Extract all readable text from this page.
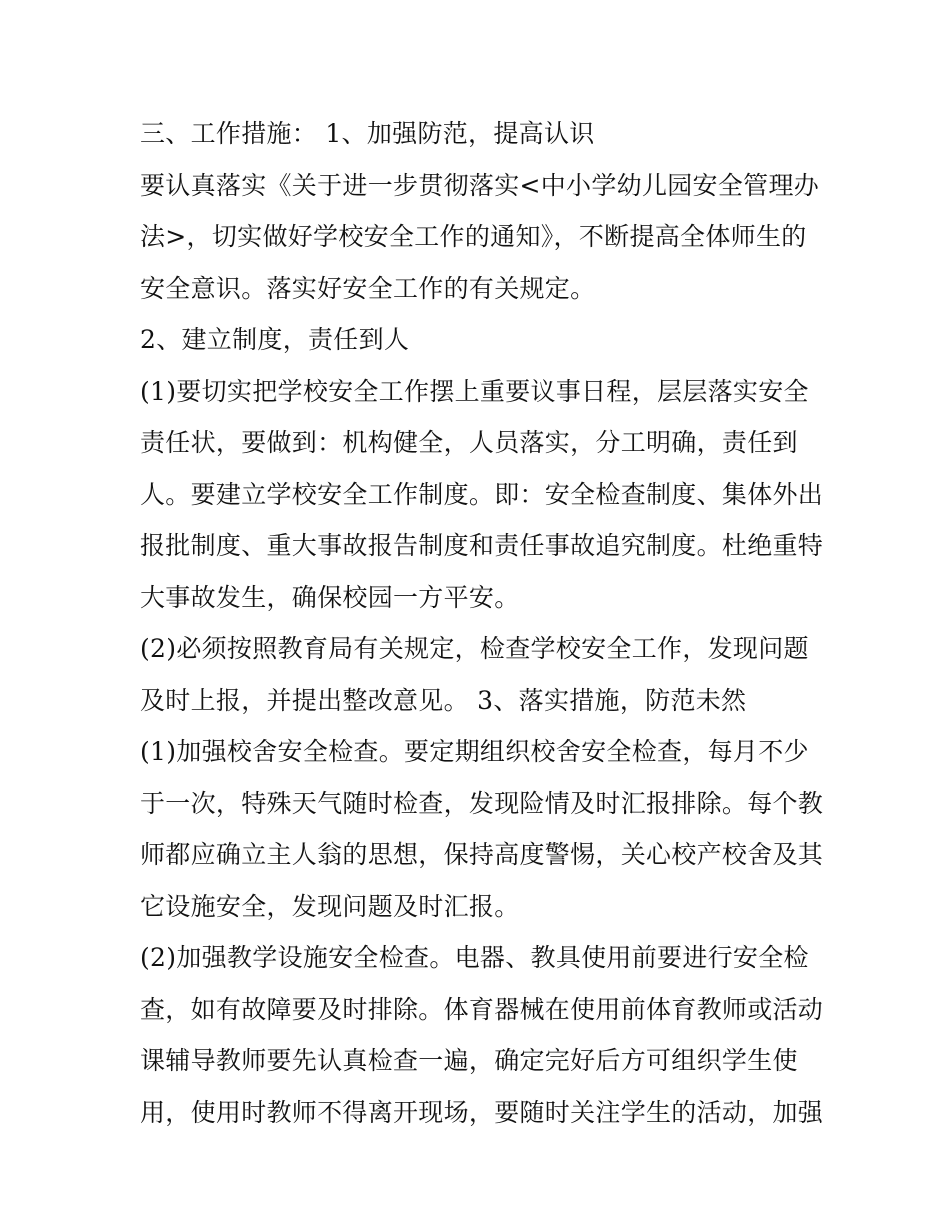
三、工作措施： 1、加强防范，提高认识
要认真落实《关于进一步贯彻落实<中小学幼儿园安全管理办
法>，切实做好学校安全工作的通知》，不断提高全体师生的
安全意识。落实好安全工作的有关规定。
2、建立制度，责任到人
(1)要切实把学校安全工作摆上重要议事日程，层层落实安全
责任状，要做到：机构健全，人员落实，分工明确，责任到
人。要建立学校安全工作制度。即：安全检查制度、集体外出
报批制度、重大事故报告制度和责任事故追究制度。杜绝重特
大事故发生，确保校园一方平安。
(2)必须按照教育局有关规定，检查学校安全工作，发现问题
及时上报，并提出整改意见。 3、落实措施，防范未然
(1)加强校舍安全检查。要定期组织校舍安全检查，每月不少
于一次，特殊天气随时检查，发现险情及时汇报排除。每个教
师都应确立主人翁的思想，保持高度警惕，关心校产校舍及其
它设施安全，发现问题及时汇报。
(2)加强教学设施安全检查。电器、教具使用前要进行安全检
查，如有故障要及时排除。体育器械在使用前体育教师或活动
课辅导教师要先认真检查一遍，确定完好后方可组织学生使
用，使用时教师不得离开现场，要随时关注学生的活动，加强
